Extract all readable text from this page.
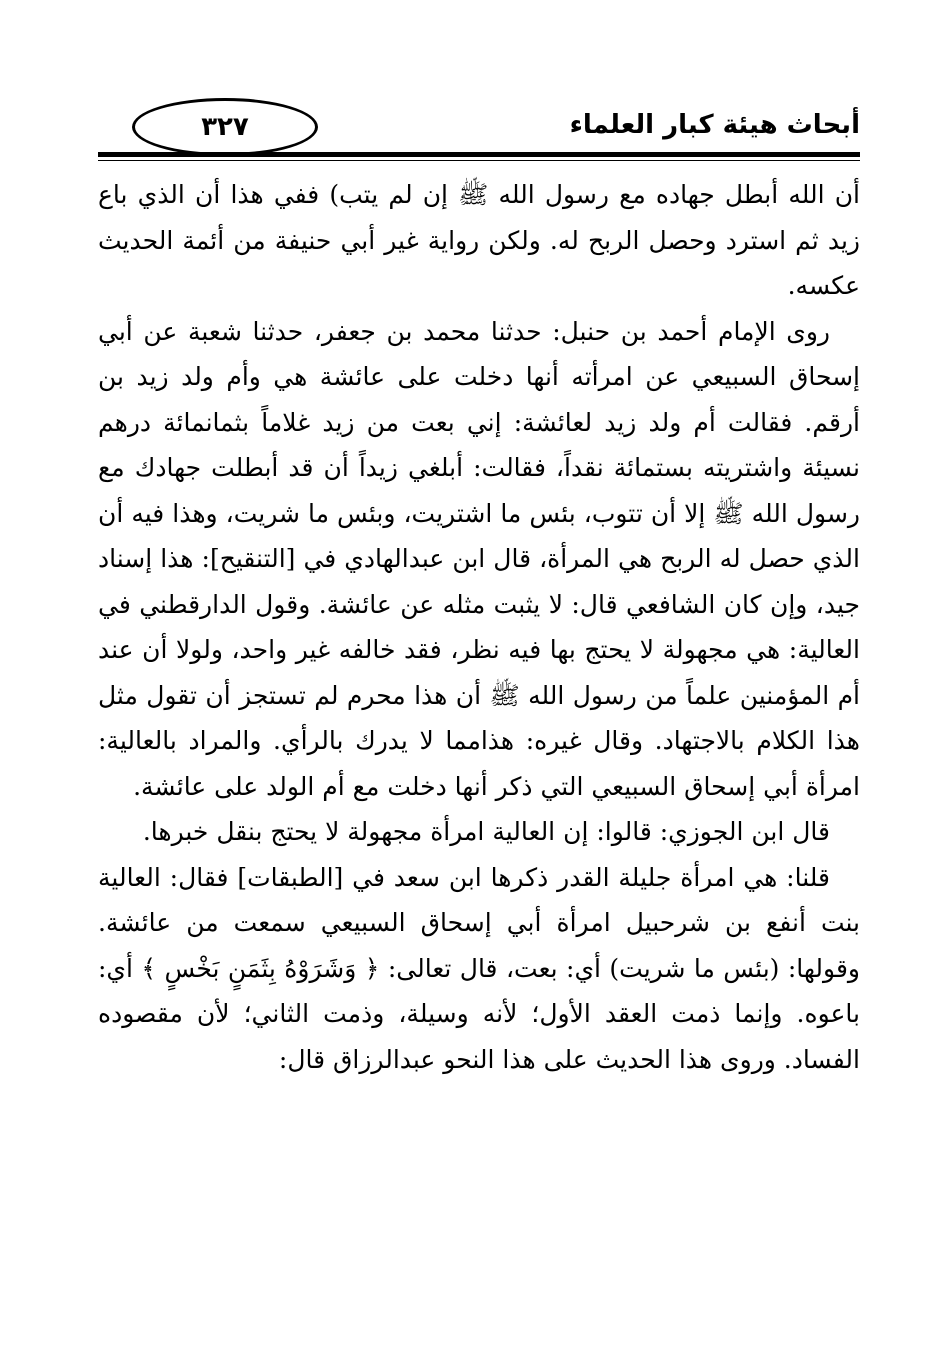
أبحاث هيئة كبار العلماء
٣٢٧

أن الله أبطل جهاده مع رسول الله ﷺ إن لم يتب) ففي هذا أن الذي باع زيد ثم استرد وحصل الربح له. ولكن رواية غير أبي حنيفة من أئمة الحديث عكسه.

روى الإمام أحمد بن حنبل: حدثنا محمد بن جعفر، حدثنا شعبة عن أبي إسحاق السبيعي عن امرأته أنها دخلت على عائشة هي وأم ولد زيد بن أرقم. فقالت أم ولد زيد لعائشة: إني بعت من زيد غلاماً بثمانمائة درهم نسيئة واشتريته بستمائة نقداً، فقالت: أبلغي زيداً أن قد أبطلت جهادك مع رسول الله ﷺ إلا أن تتوب، بئس ما اشتريت، وبئس ما شريت، وهذا فيه أن الذي حصل له الربح هي المرأة، قال ابن عبدالهادي في [التنقيح]: هذا إسناد جيد، وإن كان الشافعي قال: لا يثبت مثله عن عائشة. وقول الدارقطني في العالية: هي مجهولة لا يحتج بها فيه نظر، فقد خالفه غير واحد، ولولا أن عند أم المؤمنين علماً من رسول الله ﷺ أن هذا محرم لم تستجز أن تقول مثل هذا الكلام بالاجتهاد. وقال غيره: هذامما لا يدرك بالرأي. والمراد بالعالية: امرأة أبي إسحاق السبيعي التي ذكر أنها دخلت مع أم الولد على عائشة.

قال ابن الجوزي: قالوا: إن العالية امرأة مجهولة لا يحتج بنقل خبرها.

قلنا: هي امرأة جليلة القدر ذكرها ابن سعد في [الطبقات] فقال: العالية بنت أنفع بن شرحبيل امرأة أبي إسحاق السبيعي سمعت من عائشة. وقولها: (بئس ما شريت) أي: بعت، قال تعالى: ﴿ وَشَرَوْهُ بِثَمَنٍ بَخْسٍ ﴾ أي: باعوه. وإنما ذمت العقد الأول؛ لأنه وسيلة، وذمت الثاني؛ لأن مقصوده الفساد. وروى هذا الحديث على هذا النحو عبدالرزاق قال:
